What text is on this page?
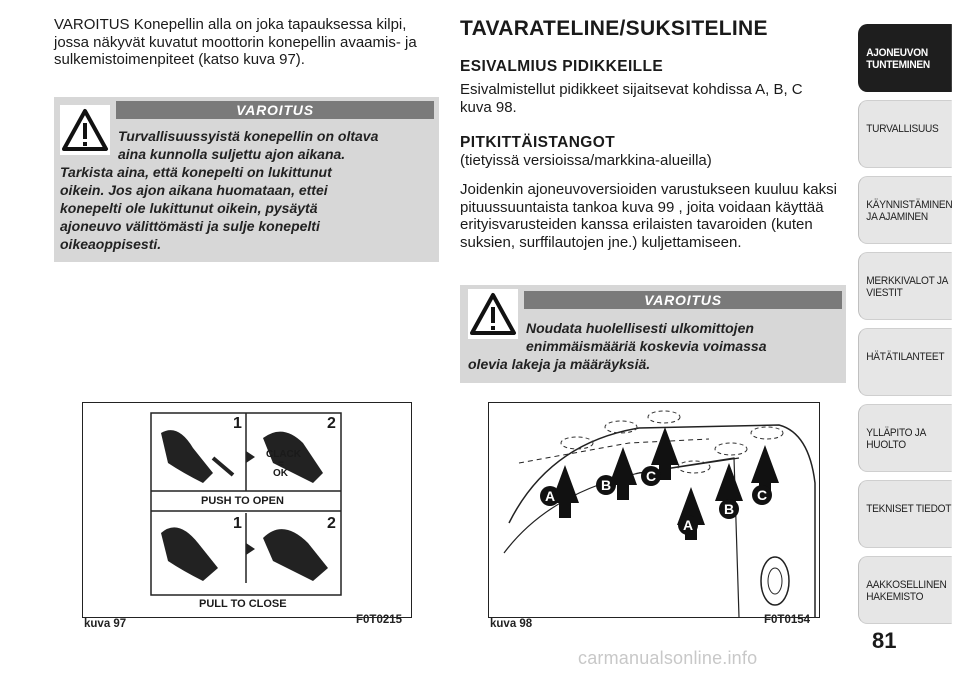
VAROITUS Konepellin alla on joka tapauksessa kilpi, jossa näkyvät kuvatut moottorin konepellin avaamis- ja sulkemistoimenpiteet (katso kuva 97).
VAROITUS
Turvallisuussyistä konepellin on oltava
aina kunnolla suljettu ajon aikana.
Tarkista aina, että konepelti on lukittunut
oikein. Jos ajon aikana huomataan, ettei
konepelti ole lukittunut oikein, pysäytä
ajoneuvo välittömästi ja sulje konepelti
oikeaoppisesti.
1	2
CLACK
=
OK
PUSH TO OPEN
1	2
PULL TO CLOSE
kuva 97	F0T0215
TAVARATELINE/SUKSITELINE
ESIVALMIUS PIDIKKEILLE
Esivalmistellut pidikkeet sijaitsevat kohdissa A, B, C kuva 98.
PITKITTÄISTANGOT
(tietyissä versioissa/markkina-alueilla)
Joidenkin ajoneuvoversioiden varustukseen kuuluu kaksi pituussuuntaista tankoa kuva 99 , joita voidaan käyttää erityisvarusteiden kanssa erilaisten tavaroiden (kuten suksien, surffilautojen jne.) kuljettamiseen.
VAROITUS
Noudata huolellisesti ulkomittojen
enimmäismääriä koskevia voimassa
olevia lakeja ja määräyksiä.
A
B
C
A
B
C
kuva 98	F0T0154
AJONEUVON TUNTEMINEN
TURVALLISUUS
KÄYNNISTÄMINEN JA AJAMINEN
MERKKIVALOT JA VIESTIT
HÄTÄTILANTEET
YLLÄPITO JA HUOLTO
TEKNISET TIEDOT
AAKKOSELLINEN HAKEMISTO
81
carmanualsonline.info
